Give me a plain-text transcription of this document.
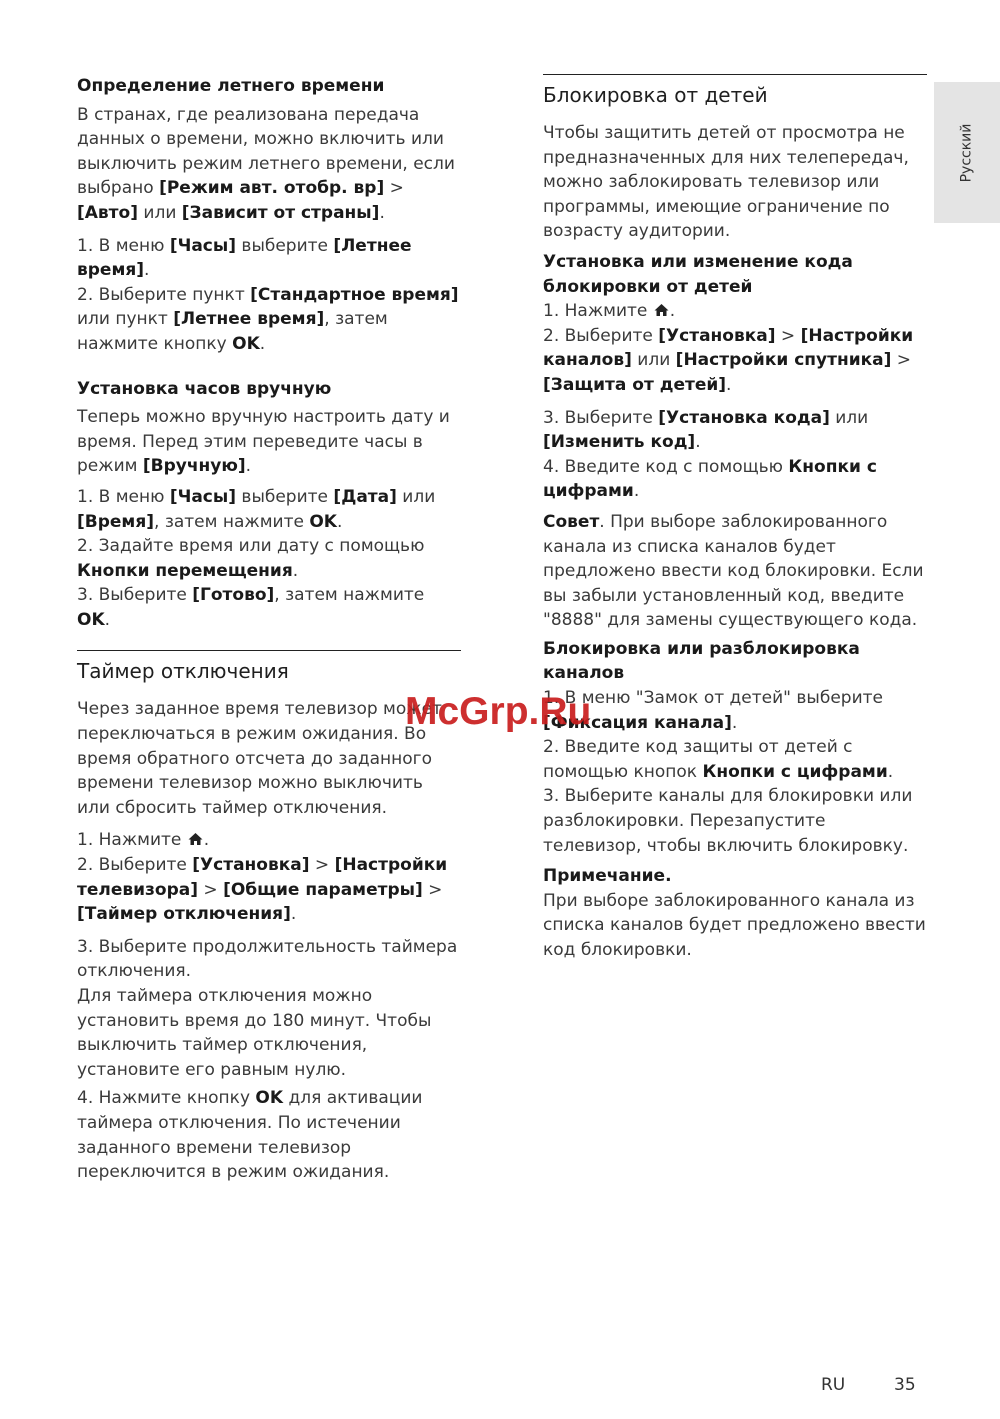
Русский

Определение летнего времени

В странах, где реализована передача данных о времени, можно включить или выключить режим летнего времени, если выбрано [Режим авт. отобр. вр] > [Авто] или [Зависит от страны].

1. В меню [Часы] выберите [Летнее время].

2. Выберите пункт [Стандартное время] или пункт [Летнее время], затем нажмите кнопку OK.

Установка часов вручную

Теперь можно вручную настроить дату и время. Перед этим переведите часы в режим [Вручную].

1. В меню [Часы] выберите [Дата] или [Время], затем нажмите OK.

2. Задайте время или дату с помощью Кнопки перемещения.

3. Выберите [Готово], затем нажмите OK.

Таймер отключения

Через заданное время телевизор может переключаться в режим ожидания. Во время обратного отсчета до заданного времени телевизор можно выключить или сбросить таймер отключения.

1. Нажмите .

2. Выберите [Установка] > [Настройки телевизора] > [Общие параметры] > [Таймер отключения].

3. Выберите продолжительность таймера отключения.

Для таймера отключения можно установить время до 180 минут. Чтобы выключить таймер отключения, установите его равным нулю.

4. Нажмите кнопку OK для активации таймера отключения. По истечении заданного времени телевизор переключится в режим ожидания.

Блокировка от детей

Чтобы защитить детей от просмотра не предназначенных для них телепередач, можно заблокировать телевизор или программы, имеющие ограничение по возрасту аудитории.

Установка или изменение кода блокировки от детей

1. Нажмите .

2. Выберите [Установка] > [Настройки каналов] или [Настройки спутника] > [Защита от детей].

3. Выберите [Установка кода] или [Изменить код].

4. Введите код с помощью Кнопки с цифрами.

Совет. При выборе заблокированного канала из списка каналов будет предложено ввести код блокировки. Если вы забыли установленный код, введите "8888" для замены существующего кода.

Блокировка или разблокировка каналов

1. В меню "Замок от детей" выберите [Фиксация канала].

2. Введите код защиты от детей с помощью кнопок Кнопки с цифрами.

3. Выберите каналы для блокировки или разблокировки. Перезапустите телевизор, чтобы включить блокировку.

Примечание.

При выборе заблокированного канала из списка каналов будет предложено ввести код блокировки.

McGrp.Ru
RU	35
